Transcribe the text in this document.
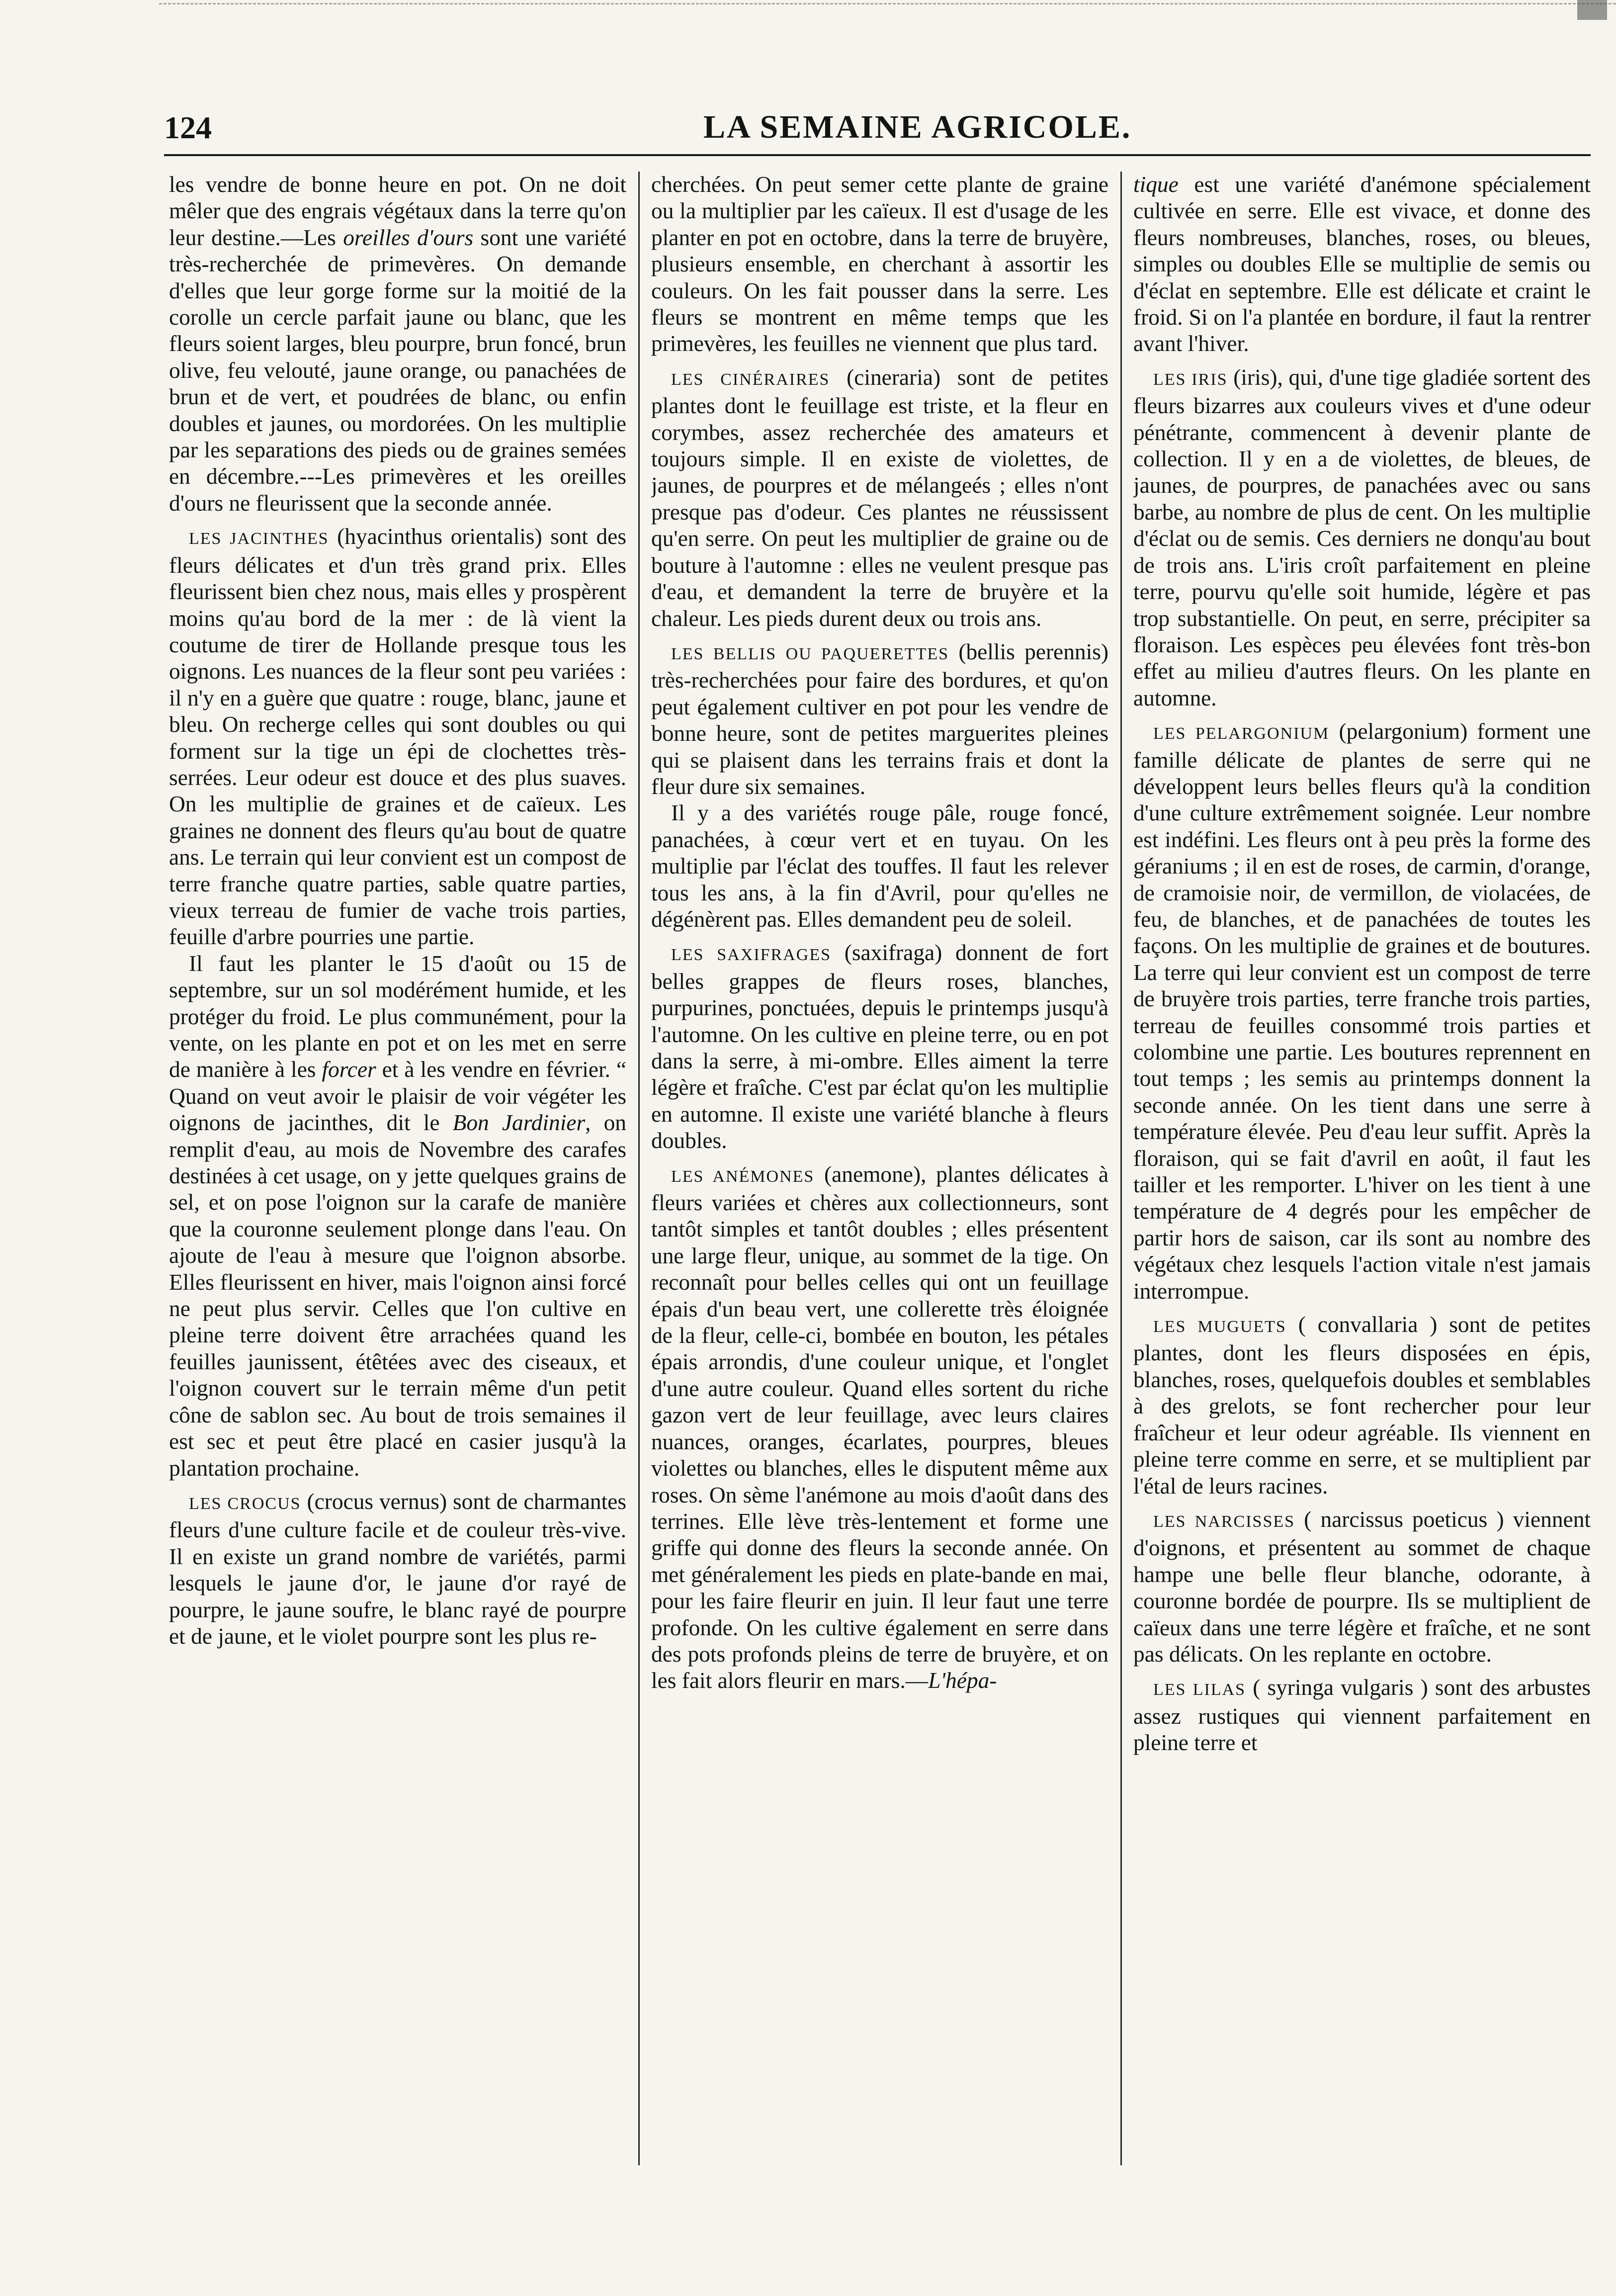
124	LA SEMAINE AGRICOLE.

les vendre de bonne heure en pot. On ne doit mêler que des engrais végétaux dans la terre qu'on leur destine.—Les oreilles d'ours sont une variété très-recherchée de primevères. On demande d'elles que leur gorge forme sur la moitié de la corolle un cercle parfait jaune ou blanc, que les fleurs soient larges, bleu pourpre, brun foncé, brun olive, feu velouté, jaune orange, ou panachées de brun et de vert, et poudrées de blanc, ou enfin doubles et jaunes, ou mordorées. On les multiplie par les separations des pieds ou de graines semées en décembre.---Les primevères et les oreilles d'ours ne fleurissent que la seconde année.

LES JACINTHES (hyacinthus orientalis) sont des fleurs délicates et d'un très grand prix. Elles fleurissent bien chez nous, mais elles y prospèrent moins qu'au bord de la mer : de là vient la coutume de tirer de Hollande presque tous les oignons. Les nuances de la fleur sont peu variées : il n'y en a guère que quatre : rouge, blanc, jaune et bleu. On recherge celles qui sont doubles ou qui forment sur la tige un épi de clochettes très-serrées. Leur odeur est douce et des plus suaves. On les multiplie de graines et de caïeux. Les graines ne donnent des fleurs qu'au bout de quatre ans. Le terrain qui leur convient est un compost de terre franche quatre parties, sable quatre parties, vieux terreau de fumier de vache trois parties, feuille d'arbre pourries une partie.

Il faut les planter le 15 d'août ou 15 de septembre, sur un sol modérément humide, et les protéger du froid. Le plus communément, pour la vente, on les plante en pot et on les met en serre de manière à les forcer et à les vendre en février. “ Quand on veut avoir le plaisir de voir végéter les oignons de jacinthes, dit le Bon Jardinier, on remplit d'eau, au mois de Novembre des carafes destinées à cet usage, on y jette quelques grains de sel, et on pose l'oignon sur la carafe de manière que la couronne seulement plonge dans l'eau. On ajoute de l'eau à mesure que l'oignon absorbe. Elles fleurissent en hiver, mais l'oignon ainsi forcé ne peut plus servir. Celles que l'on cultive en pleine terre doivent être arrachées quand les feuilles jaunissent, étêtées avec des ciseaux, et l'oignon couvert sur le terrain même d'un petit cône de sablon sec. Au bout de trois semaines il est sec et peut être placé en casier jusqu'à la plantation prochaine.

LES CROCUS (crocus vernus) sont de charmantes fleurs d'une culture facile et de couleur très-vive. Il en existe un grand nombre de variétés, parmi lesquels le jaune d'or, le jaune d'or rayé de pourpre, le jaune soufre, le blanc rayé de pourpre et de jaune, et le violet pourpre sont les plus re-

cherchées. On peut semer cette plante de graine ou la multiplier par les caïeux. Il est d'usage de les planter en pot en octobre, dans la terre de bruyère, plusieurs ensemble, en cherchant à assortir les couleurs. On les fait pousser dans la serre. Les fleurs se montrent en même temps que les primevères, les feuilles ne viennent que plus tard.

LES CINÉRAIRES (cineraria) sont de petites plantes dont le feuillage est triste, et la fleur en corymbes, assez recherchée des amateurs et toujours simple. Il en existe de violettes, de jaunes, de pourpres et de mélangeés ; elles n'ont presque pas d'odeur. Ces plantes ne réussissent qu'en serre. On peut les multiplier de graine ou de bouture à l'automne : elles ne veulent presque pas d'eau, et demandent la terre de bruyère et la chaleur. Les pieds durent deux ou trois ans.

LES BELLIS OU PAQUERETTES (bellis perennis) très-recherchées pour faire des bordures, et qu'on peut également cultiver en pot pour les vendre de bonne heure, sont de petites marguerites pleines qui se plaisent dans les terrains frais et dont la fleur dure six semaines.

Il y a des variétés rouge pâle, rouge foncé, panachées, à cœur vert et en tuyau. On les multiplie par l'éclat des touffes. Il faut les relever tous les ans, à la fin d'Avril, pour qu'elles ne dégénèrent pas. Elles demandent peu de soleil.

LES SAXIFRAGES (saxifraga) donnent de fort belles grappes de fleurs roses, blanches, purpurines, ponctuées, depuis le printemps jusqu'à l'automne. On les cultive en pleine terre, ou en pot dans la serre, à mi-ombre. Elles aiment la terre légère et fraîche. C'est par éclat qu'on les multiplie en automne. Il existe une variété blanche à fleurs doubles.

LES ANÉMONES (anemone), plantes délicates à fleurs variées et chères aux collectionneurs, sont tantôt simples et tantôt doubles ; elles présentent une large fleur, unique, au sommet de la tige. On reconnaît pour belles celles qui ont un feuillage épais d'un beau vert, une collerette très éloignée de la fleur, celle-ci, bombée en bouton, les pétales épais arrondis, d'une couleur unique, et l'onglet d'une autre couleur. Quand elles sortent du riche gazon vert de leur feuillage, avec leurs claires nuances, oranges, écarlates, pourpres, bleues violettes ou blanches, elles le disputent même aux roses. On sème l'anémone au mois d'août dans des terrines. Elle lève très-lentement et forme une griffe qui donne des fleurs la seconde année. On met généralement les pieds en plate-bande en mai, pour les faire fleurir en juin. Il leur faut une terre profonde. On les cultive également en serre dans des pots profonds pleins de terre de bruyère, et on les fait alors fleurir en mars.—L'hépa-

tique est une variété d'anémone spécialement cultivée en serre. Elle est vivace, et donne des fleurs nombreuses, blanches, roses, ou bleues, simples ou doubles Elle se multiplie de semis ou d'éclat en septembre. Elle est délicate et craint le froid. Si on l'a plantée en bordure, il faut la rentrer avant l'hiver.

LES IRIS (iris), qui, d'une tige gladiée sortent des fleurs bizarres aux couleurs vives et d'une odeur pénétrante, commencent à devenir plante de collection. Il y en a de violettes, de bleues, de jaunes, de pourpres, de panachées avec ou sans barbe, au nombre de plus de cent. On les multiplie d'éclat ou de semis. Ces derniers ne donqu'au bout de trois ans. L'iris croît parfaitement en pleine terre, pourvu qu'elle soit humide, légère et pas trop substantielle. On peut, en serre, précipiter sa floraison. Les espèces peu élevées font très-bon effet au milieu d'autres fleurs. On les plante en automne.

LES PELARGONIUM (pelargonium) forment une famille délicate de plantes de serre qui ne développent leurs belles fleurs qu'à la condition d'une culture extrêmement soignée. Leur nombre est indéfini. Les fleurs ont à peu près la forme des géraniums ; il en est de roses, de carmin, d'orange, de cramoisie noir, de vermillon, de violacées, de feu, de blanches, et de panachées de toutes les façons. On les multiplie de graines et de boutures. La terre qui leur convient est un compost de terre de bruyère trois parties, terre franche trois parties, terreau de feuilles consommé trois parties et colombine une partie. Les boutures reprennent en tout temps ; les semis au printemps donnent la seconde année. On les tient dans une serre à température élevée. Peu d'eau leur suffit. Après la floraison, qui se fait d'avril en août, il faut les tailler et les remporter. L'hiver on les tient à une température de 4 degrés pour les empêcher de partir hors de saison, car ils sont au nombre des végétaux chez lesquels l'action vitale n'est jamais interrompue.

LES MUGUETS ( convallaria ) sont de petites plantes, dont les fleurs disposées en épis, blanches, roses, quelquefois doubles et semblables à des grelots, se font rechercher pour leur fraîcheur et leur odeur agréable. Ils viennent en pleine terre comme en serre, et se multiplient par l'étal de leurs racines.

LES NARCISSES ( narcissus poeticus ) viennent d'oignons, et présentent au sommet de chaque hampe une belle fleur blanche, odorante, à couronne bordée de pourpre. Ils se multiplient de caïeux dans une terre légère et fraîche, et ne sont pas délicats. On les replante en octobre.

LES LILAS ( syringa vulgaris ) sont des arbustes assez rustiques qui viennent parfaitement en pleine terre et
